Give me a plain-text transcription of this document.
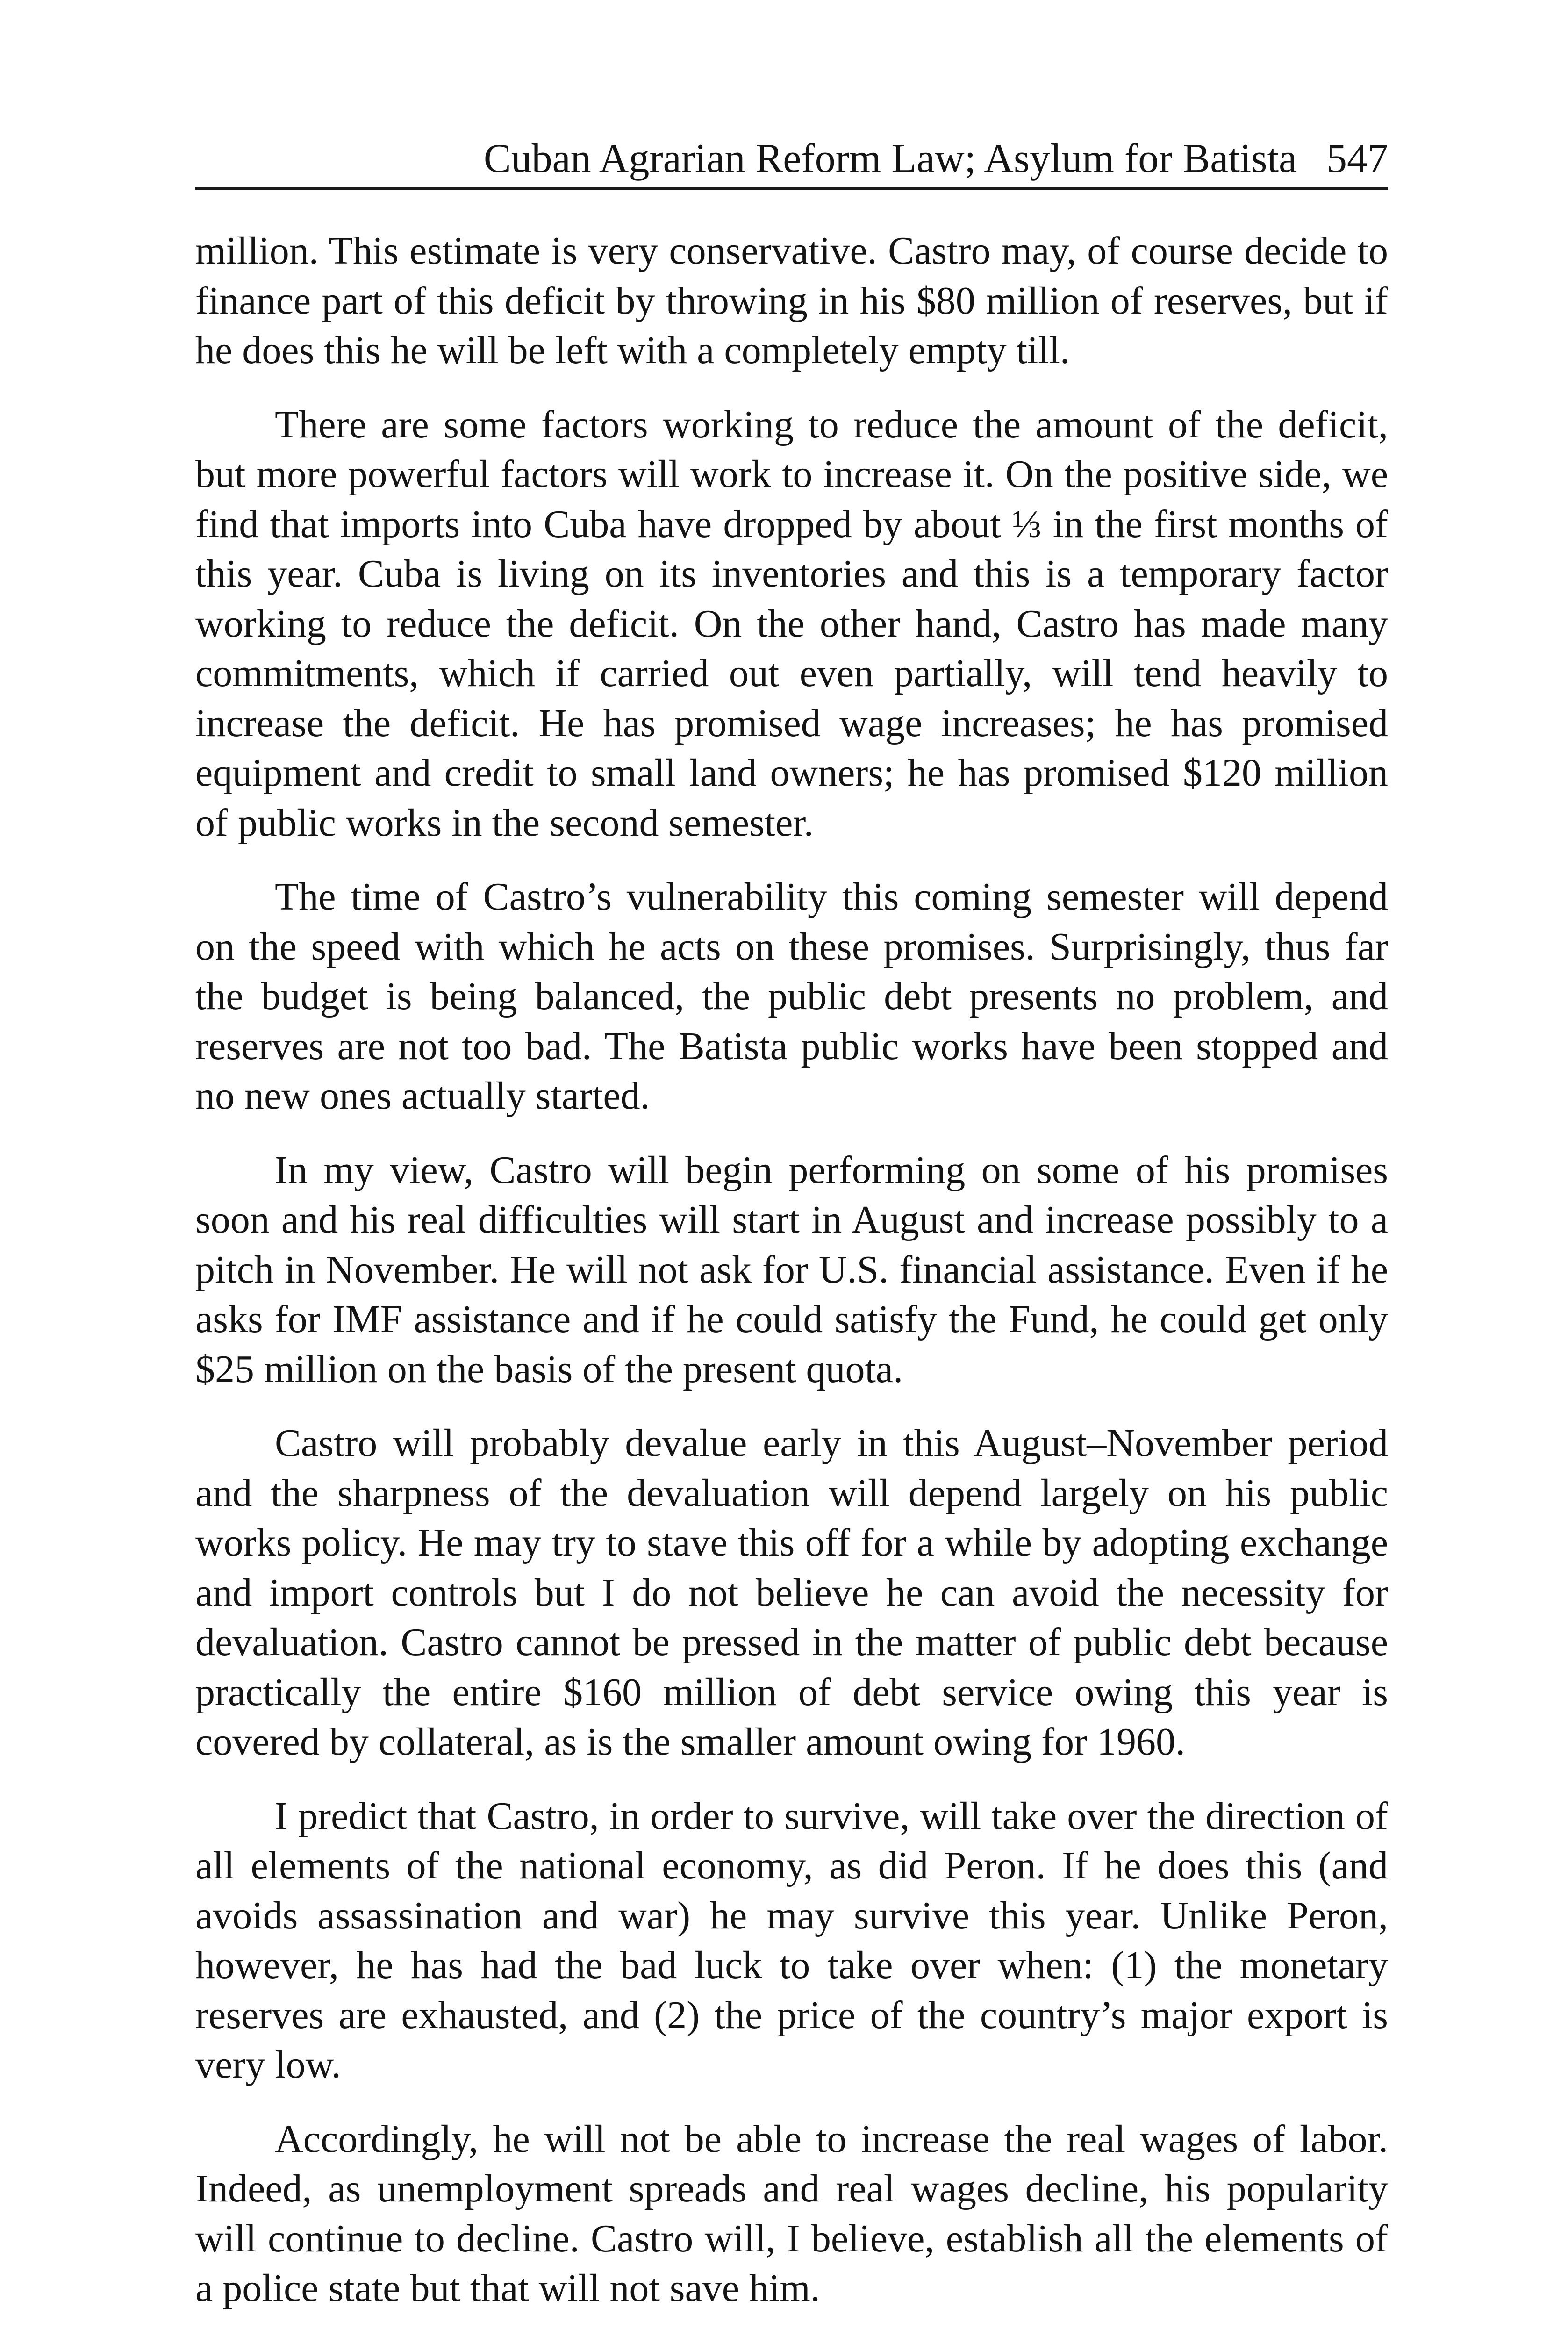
Cuban Agrarian Reform Law; Asylum for Batista 547

million. This estimate is very conservative. Castro may, of course decide to finance part of this deficit by throwing in his $80 million of reserves, but if he does this he will be left with a completely empty till.

There are some factors working to reduce the amount of the deficit, but more powerful factors will work to increase it. On the positive side, we find that imports into Cuba have dropped by about ⅓ in the first months of this year. Cuba is living on its inventories and this is a temporary factor working to reduce the deficit. On the other hand, Castro has made many commitments, which if carried out even partially, will tend heavily to increase the deficit. He has promised wage increases; he has promised equipment and credit to small land owners; he has promised $120 million of public works in the second semester.

The time of Castro’s vulnerability this coming semester will depend on the speed with which he acts on these promises. Surprisingly, thus far the budget is being balanced, the public debt presents no problem, and reserves are not too bad. The Batista public works have been stopped and no new ones actually started.

In my view, Castro will begin performing on some of his promises soon and his real difficulties will start in August and increase possibly to a pitch in November. He will not ask for U.S. financial assistance. Even if he asks for IMF assistance and if he could satisfy the Fund, he could get only $25 million on the basis of the present quota.

Castro will probably devalue early in this August–November period and the sharpness of the devaluation will depend largely on his public works policy. He may try to stave this off for a while by adopting exchange and import controls but I do not believe he can avoid the necessity for devaluation. Castro cannot be pressed in the matter of public debt because practically the entire $160 million of debt service owing this year is covered by collateral, as is the smaller amount owing for 1960.

I predict that Castro, in order to survive, will take over the direction of all elements of the national economy, as did Peron. If he does this (and avoids assassination and war) he may survive this year. Unlike Peron, however, he has had the bad luck to take over when: (1) the monetary reserves are exhausted, and (2) the price of the country’s major export is very low.

Accordingly, he will not be able to increase the real wages of labor. Indeed, as unemployment spreads and real wages decline, his popularity will continue to decline. Castro will, I believe, establish all the elements of a police state but that will not save him.
